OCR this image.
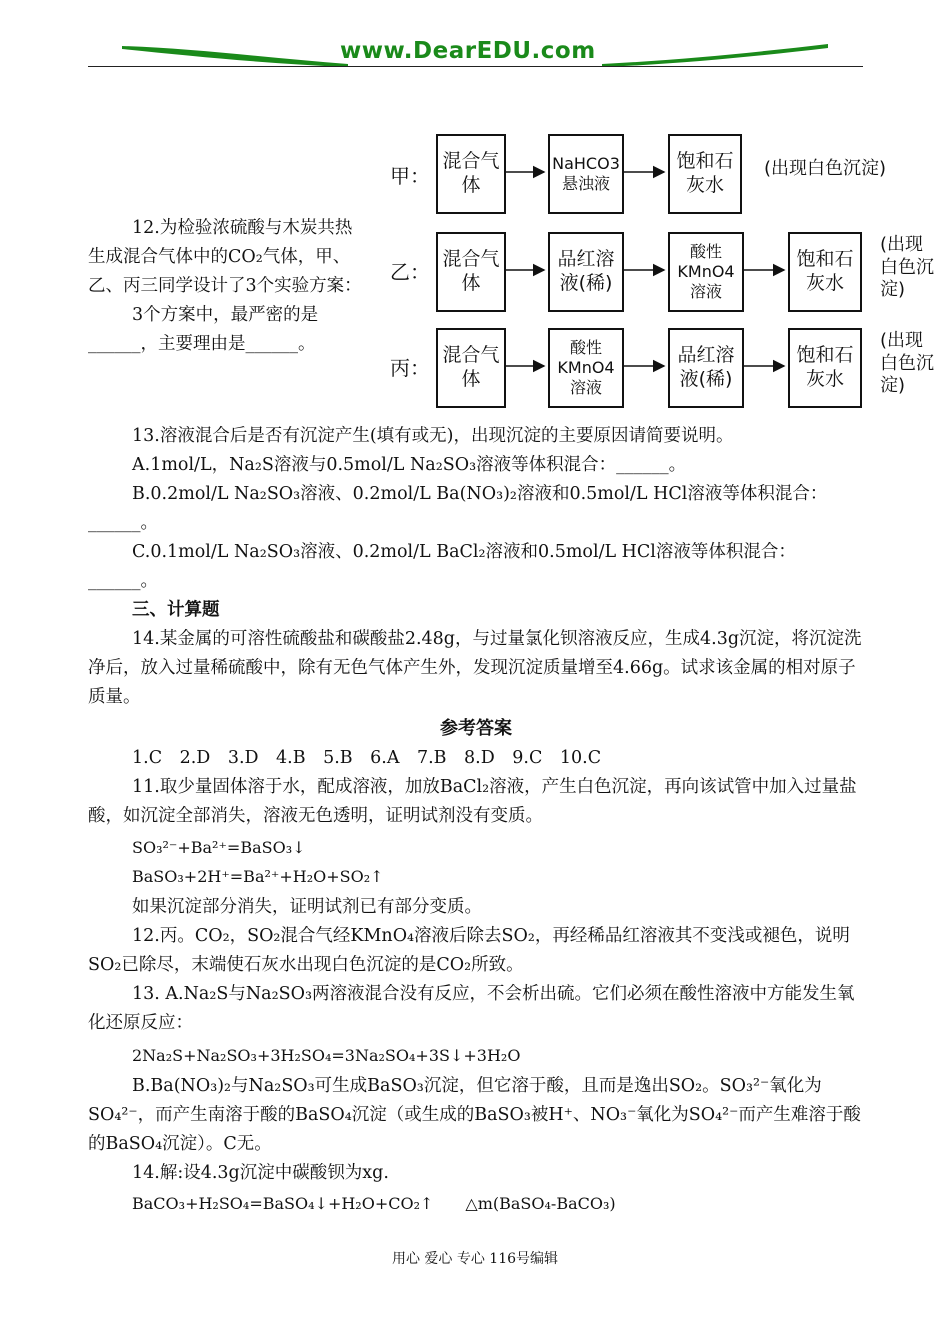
www.DearEDU.com
甲：
混合气体
NaHCO3悬浊液
饱和石灰水
(出现白色沉淀)
乙：
混合气体
品红溶液(稀)
酸性KMnO4溶液
饱和石灰水
(出现白色沉淀)
丙：
混合气体
酸性KMnO4溶液
品红溶液(稀)
饱和石灰水
(出现白色沉淀)
12.为检验浓硫酸与木炭共热生成混合气体中的CO₂气体，甲、乙、丙三同学设计了3个实验方案：
3个方案中，最严密的是______，主要理由是______。
13.溶液混合后是否有沉淀产生(填有或无)，出现沉淀的主要原因请简要说明。
A.1mol/L，Na₂S溶液与0.5mol/L Na₂SO₃溶液等体积混合：______。
B.0.2mol/L Na₂SO₃溶液、0.2mol/L Ba(NO₃)₂溶液和0.5mol/L HCl溶液等体积混合：______。
C.0.1mol/L Na₂SO₃溶液、0.2mol/L BaCl₂溶液和0.5mol/L HCl溶液等体积混合：______。
三、计算题
14.某金属的可溶性硫酸盐和碳酸盐2.48g，与过量氯化钡溶液反应，生成4.3g沉淀，将沉淀洗净后，放入过量稀硫酸中，除有无色气体产生外，发现沉淀质量增至4.66g。试求该金属的相对原子质量。
参考答案
1.C　2.D　3.D　4.B　5.B　6.A　7.B　8.D　9.C　10.C
11.取少量固体溶于水，配成溶液，加放BaCl₂溶液，产生白色沉淀，再向该试管中加入过量盐酸，如沉淀全部消失，溶液无色透明，证明试剂没有变质。
SO₃²⁻+Ba²⁺=BaSO₃↓
BaSO₃+2H⁺=Ba²⁺+H₂O+SO₂↑
如果沉淀部分消失，证明试剂已有部分变质。
12.丙。CO₂，SO₂混合气经KMnO₄溶液后除去SO₂，再经稀品红溶液其不变浅或褪色，说明SO₂已除尽，末端使石灰水出现白色沉淀的是CO₂所致。
13. A.Na₂S与Na₂SO₃两溶液混合没有反应，不会析出硫。它们必须在酸性溶液中方能发生氧化还原反应：
2Na₂S+Na₂SO₃+3H₂SO₄=3Na₂SO₄+3S↓+3H₂O
B.Ba(NO₃)₂与Na₂SO₃可生成BaSO₃沉淀，但它溶于酸，且而是逸出SO₂。SO₃²⁻氧化为SO₄²⁻，而产生南溶于酸的BaSO₄沉淀（或生成的BaSO₃被H⁺、NO₃⁻氧化为SO₄²⁻而产生难溶于酸的BaSO₄沉淀）。C无。
14.解:设4.3g沉淀中碳酸钡为xg.
BaCO₃+H₂SO₄=BaSO₄↓+H₂O+CO₂↑　　△m(BaSO₄-BaCO₃)
用心 爱心 专心 116号编辑
